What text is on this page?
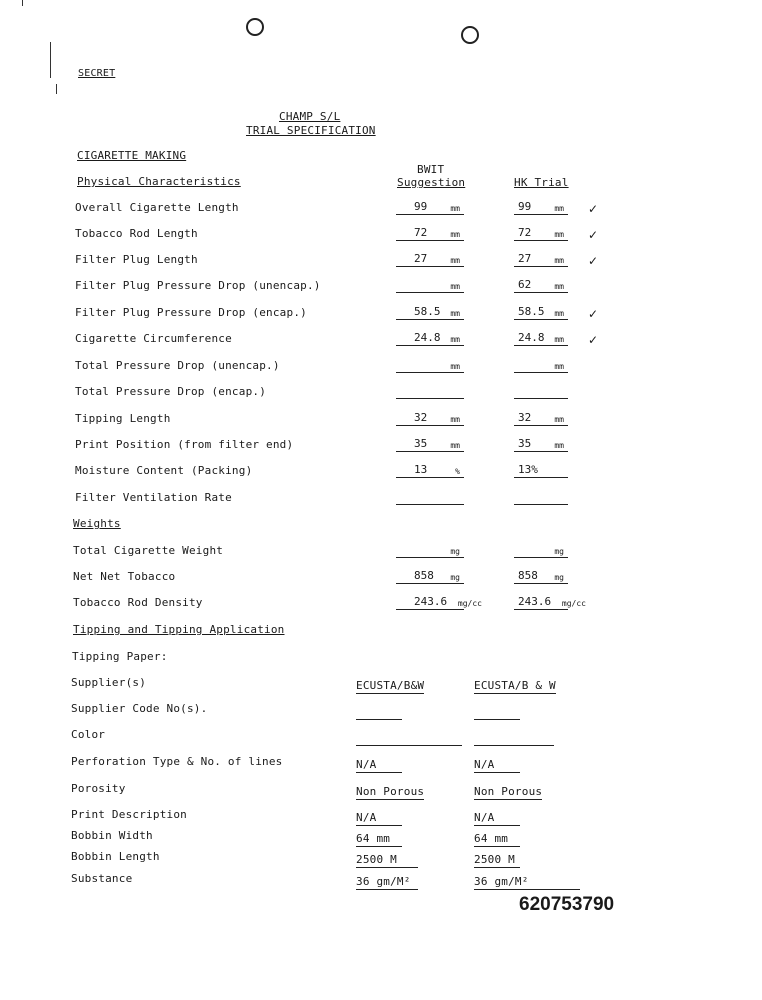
SECRET
CHAMP S/L
TRIAL SPECIFICATION
CIGARETTE MAKING
BWIT
Suggestion	HK Trial
Physical Characteristics
Overall Cigarette Length	99	mm	99	mm ✓
Tobacco Rod Length	72	mm	72	mm ✓
Filter Plug Length	27	mm	27	mm ✓
Filter Plug Pressure Drop (unencap.)	mm	62	mm
Filter Plug Pressure Drop (encap.)	58.5 mm	58.5 mm ✓
Cigarette Circumference	24.8 mm	24.8 mm ✓
Total Pressure Drop (unencap.)	mm	mm
Total Pressure Drop (encap.)
Tipping Length	32	mm	32	mm
Print Position (from filter end)	35	mm	35	mm
Moisture Content (Packing)	13	%	13%
Filter Ventilation Rate
Weights
Total Cigarette Weight	mg	mg
Net Net Tobacco	858 mg	858 mg
Tobacco Rod Density	243.6 mg/cc	243.6 mg/cc
Tipping and Tipping Application
Tipping Paper:
Supplier(s)	ECUSTA/B&W	ECUSTA/B & W
Supplier Code No(s).
Color
Perforation Type & No. of lines	N/A	N/A
Porosity	Non Porous	Non Porous
Print Description	N/A	N/A
Bobbin Width	64 mm	64 mm
Bobbin Length	2500 M	2500 M
Substance	36 gm/M²	36 gm/M²
620753790
